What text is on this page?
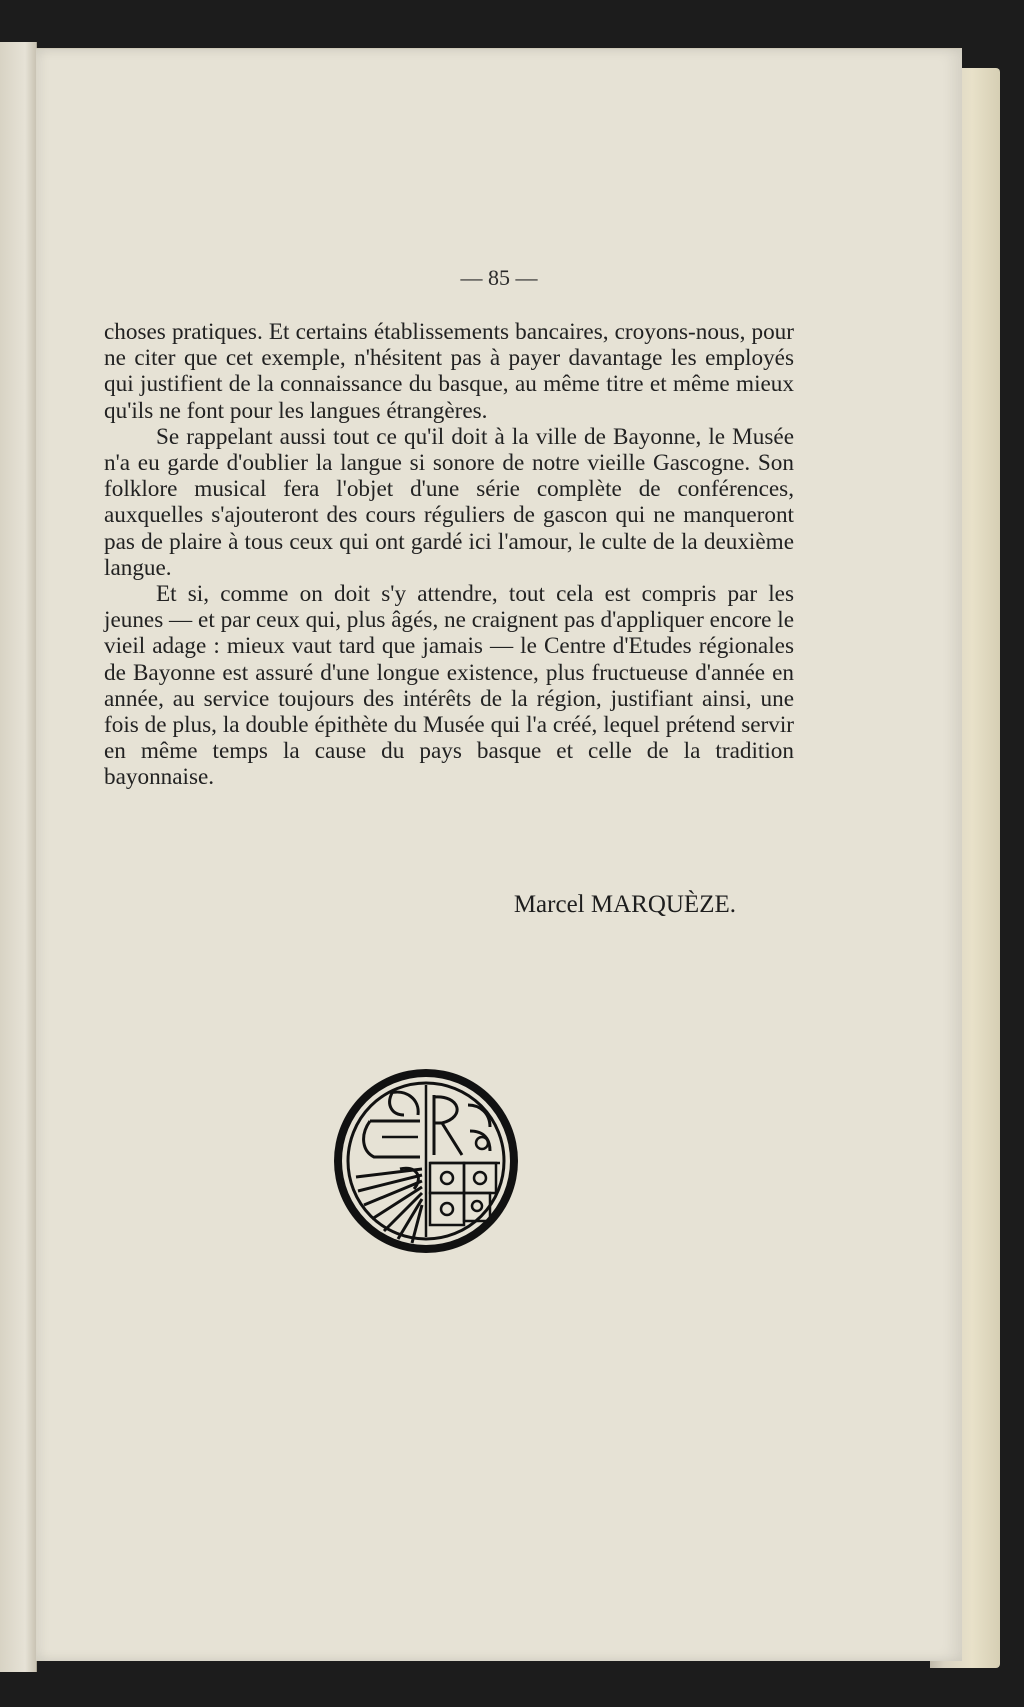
— 85 —

choses pratiques. Et certains établissements bancaires, croyons-nous, pour ne citer que cet exemple, n'hésitent pas à payer davantage les employés qui justifient de la connaissance du basque, au même titre et même mieux qu'ils ne font pour les langues étrangères.

Se rappelant aussi tout ce qu'il doit à la ville de Bayonne, le Musée n'a eu garde d'oublier la langue si sonore de notre vieille Gascogne. Son folklore musical fera l'objet d'une série complète de conférences, auxquelles s'ajouteront des cours réguliers de gascon qui ne manqueront pas de plaire à tous ceux qui ont gardé ici l'amour, le culte de la deuxième langue.

Et si, comme on doit s'y attendre, tout cela est compris par les jeunes — et par ceux qui, plus âgés, ne craignent pas d'appliquer encore le vieil adage : mieux vaut tard que jamais — le Centre d'Etudes régionales de Bayonne est assuré d'une longue existence, plus fructueuse d'année en année, au service toujours des intérêts de la région, justifiant ainsi, une fois de plus, la double épithète du Musée qui l'a créé, lequel prétend servir en même temps la cause du pays basque et celle de la tradition bayonnaise.

Marcel MARQUÈZE.
